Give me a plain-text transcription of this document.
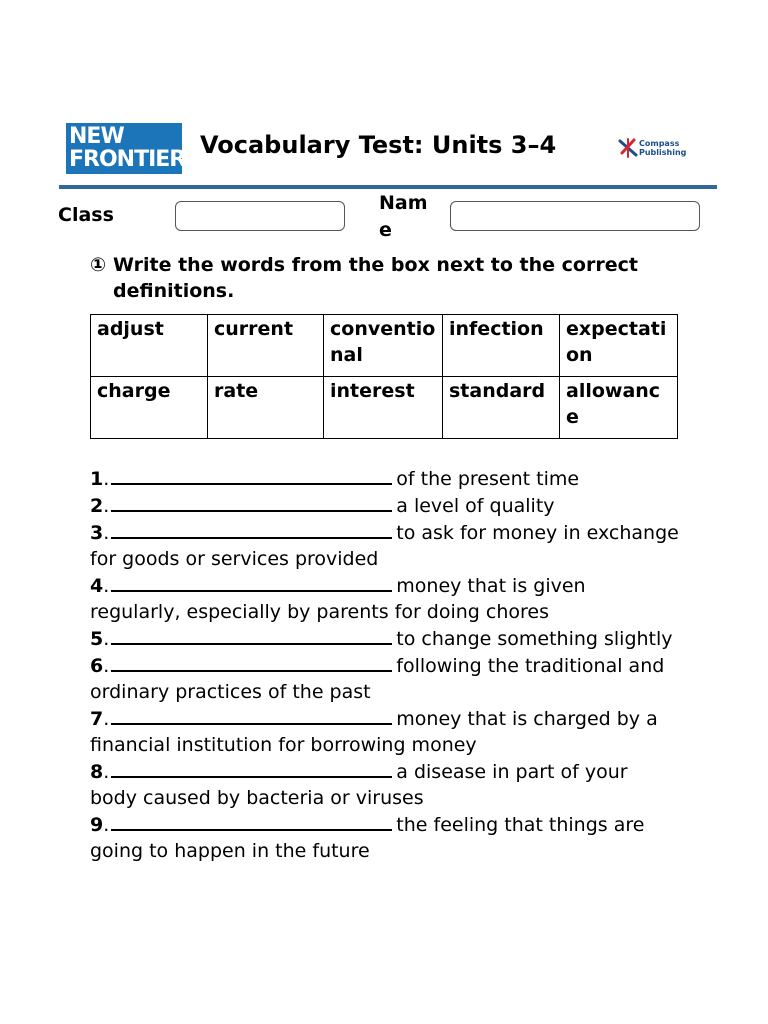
NEW
FRONTIERS
Vocabulary Test: Units 3–4	Compass
Publishing
Class
Name
① Write the words from the box next to the correct definitions.
adjust	current	conventional	infection	expectation
charge	rate	interest	standard	allowance
1.	of the present time
2.	a level of quality
3.	to ask for money in exchange for goods or services provided
4.	money that is given regularly, especially by parents for doing chores
5.	to change something slightly
6.	following the traditional and ordinary practices of the past
7.	money that is charged by a financial institution for borrowing money
8.	a disease in part of your body caused by bacteria or viruses
9.	the feeling that things are going to happen in the future
